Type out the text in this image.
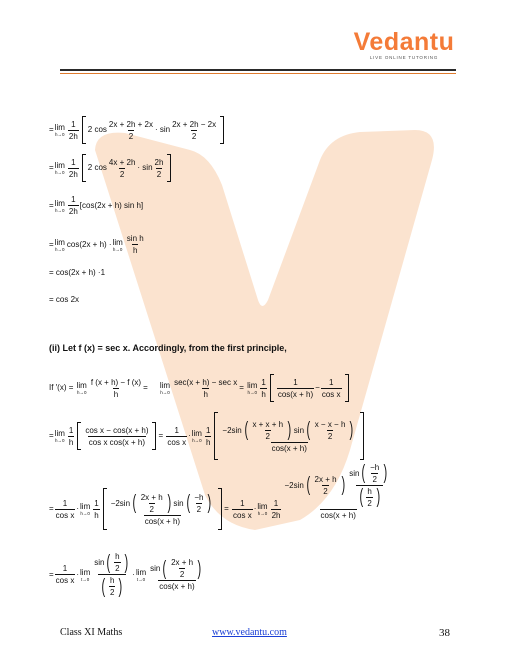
Vedantu
LIVE ONLINE TUTORING
= lim
h→0
1
2h
2 cos
2x + 2h + 2x
2
·
sin
2x + 2h − 2x
2
= lim
h→0
1
2h
2 cos
4x + 2h
2
·
sin
2h
2
= lim
h→0
1
2h
[cos(2x + h) sin h]
= lim
h→0
cos(2x + h) · lim
h→0
sin h
h
= cos(2x + h) ·1
= cos 2x
(ii) Let f (x) = sec x. Accordingly, from the first principle,
If ′(x) =
lim
$h\to 0 \frac{f (x + h) - f (x)}{h}$ =
lim
h→0
sec(x + h) − sec x
h
=
lim
h→0
1
h
1
cos(x + h)
− $\frac{1}{\text{cos x}}$
= lim
h→0
1
h
cos x − cos(x + h)
cos x cos(x + h)
=
$\frac{1}{\text{cos x}} \cdot \lim$
h→0
1
h
−2sin ( x + x + h
2 ) sin ( x − x − h
2 )
cos(x + h)
= $\frac{1}{\text{cos x}} \cdot \lim$
h→0
1
h
−2sin ( 2x + h
2 ) sin ( −h
2 )
cos(x + h)
=
$\frac{1}{\text{cos x}} \cdot \lim$
h→0
1
2h
−2sin ( 2x + h
2 )
sin ( −h
2 )
( h
2 )
cos(x + h)
= $\frac{1}{\text{cos x}} \cdot \lim$
t→0
sin ( h
2 )
( h
2 )
· lim
t→0
sin ( 2x + h
2 )
cos(x + h)
Class XI Maths	www.vedantu.com	38
